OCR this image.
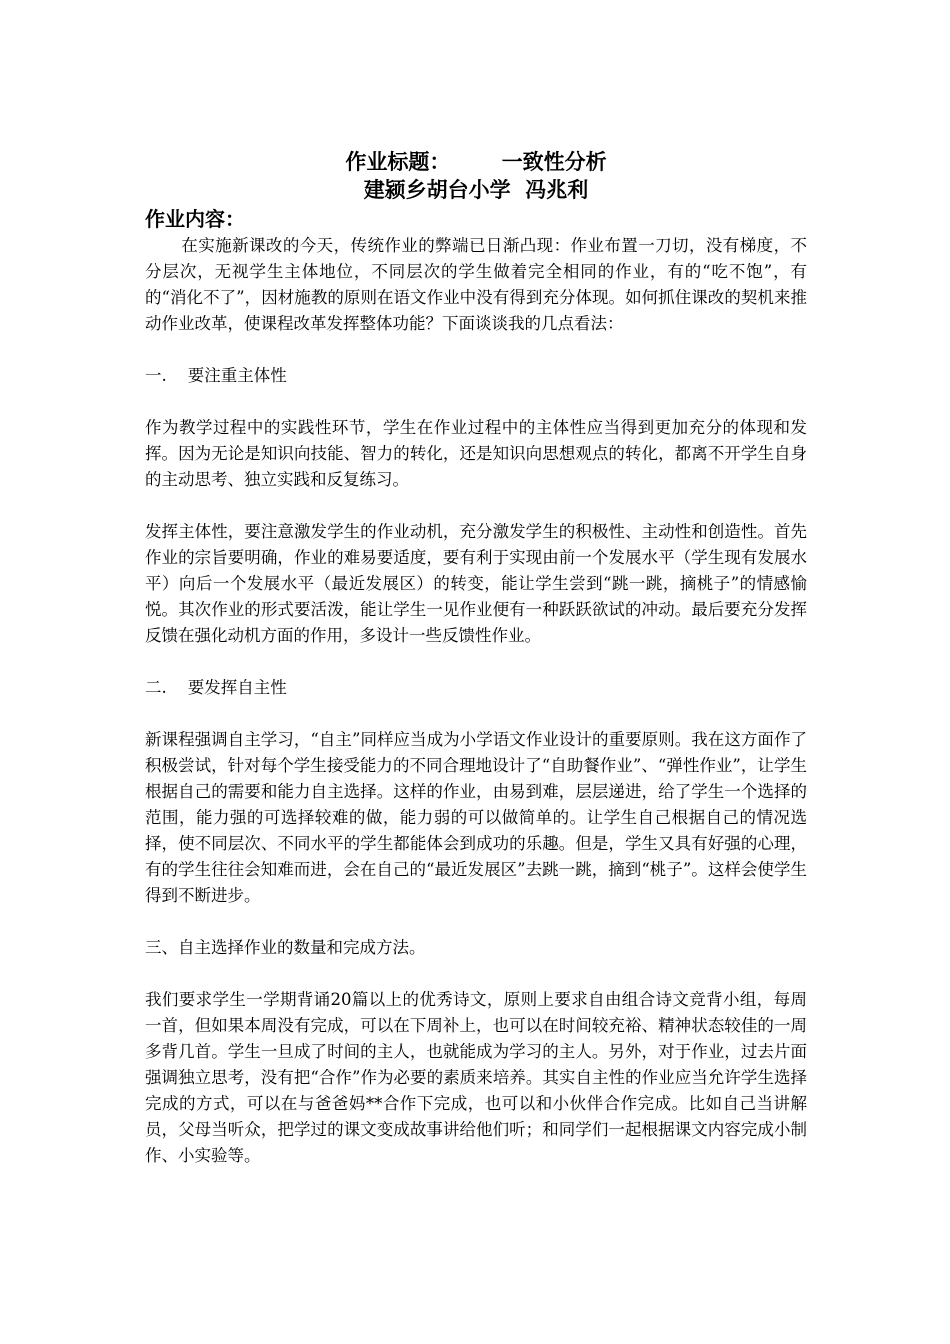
作业标题：       一致性分析
建颍乡胡台小学  冯兆利
作业内容：

在实施新课改的今天，传统作业的弊端已日渐凸现：作业布置一刀切，没有梯度，不分层次，无视学生主体地位，不同层次的学生做着完全相同的作业，有的“吃不饱”，有的“消化不了”，因材施教的原则在语文作业中没有得到充分体现。如何抓住课改的契机来推动作业改革，使课程改革发挥整体功能？下面谈谈我的几点看法：

一.    要注重主体性

作为教学过程中的实践性环节，学生在作业过程中的主体性应当得到更加充分的体现和发挥。因为无论是知识向技能、智力的转化，还是知识向思想观点的转化，都离不开学生自身的主动思考、独立实践和反复练习。

发挥主体性，要注意激发学生的作业动机，充分激发学生的积极性、主动性和创造性。首先作业的宗旨要明确，作业的难易要适度，要有利于实现由前一个发展水平（学生现有发展水平）向后一个发展水平（最近发展区）的转变，能让学生尝到“跳一跳，摘桃子”的情感愉悦。其次作业的形式要活泼，能让学生一见作业便有一种跃跃欲试的冲动。最后要充分发挥反馈在强化动机方面的作用，多设计一些反馈性作业。

二.    要发挥自主性

新课程强调自主学习，“自主”同样应当成为小学语文作业设计的重要原则。我在这方面作了积极尝试，针对每个学生接受能力的不同合理地设计了“自助餐作业”、“弹性作业”，让学生根据自己的需要和能力自主选择。这样的作业，由易到难，层层递进，给了学生一个选择的范围，能力强的可选择较难的做，能力弱的可以做简单的。让学生自己根据自己的情况选择，使不同层次、不同水平的学生都能体会到成功的乐趣。但是，学生又具有好强的心理，有的学生往往会知难而进，会在自己的“最近发展区”去跳一跳，摘到“桃子”。这样会使学生得到不断进步。

三、自主选择作业的数量和完成方法。

我们要求学生一学期背诵20篇以上的优秀诗文，原则上要求自由组合诗文竞背小组，每周一首，但如果本周没有完成，可以在下周补上，也可以在时间较充裕、精神状态较佳的一周多背几首。学生一旦成了时间的主人，也就能成为学习的主人。另外，对于作业，过去片面强调独立思考，没有把“合作”作为必要的素质来培养。其实自主性的作业应当允许学生选择完成的方式，可以在与爸爸妈**合作下完成，也可以和小伙伴合作完成。比如自己当讲解员，父母当听众，把学过的课文变成故事讲给他们听；和同学们一起根据课文内容完成小制作、小实验等。
